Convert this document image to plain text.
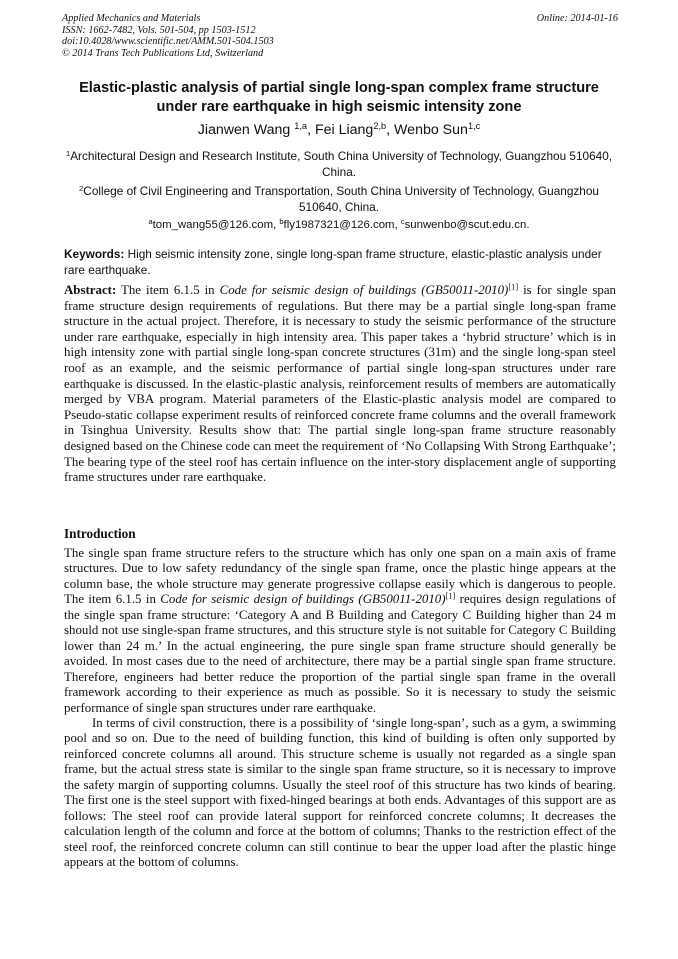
Applied Mechanics and Materials
ISSN: 1662-7482, Vols. 501-504, pp 1503-1512
doi:10.4028/www.scientific.net/AMM.501-504.1503
© 2014 Trans Tech Publications Ltd, Switzerland
Online: 2014-01-16
Elastic-plastic analysis of partial single long-span complex frame structure under rare earthquake in high seismic intensity zone
Jianwen Wang $^{1,a}$, Fei Liang$^{2,b}$, Wenbo Sun$^{1,c}$
$^1$Architectural Design and Research Institute, South China University of Technology, Guangzhou 510640, China.
$^2$College of Civil Engineering and Transportation, South China University of Technology, Guangzhou 510640, China.
$^a$tom_wang55@126.com, $^b$fly1987321@126.com, $^c$sunwenbo@scut.edu.cn.
Keywords: High seismic intensity zone, single long-span frame structure, elastic-plastic analysis under rare earthquake.
Abstract: The item 6.1.5 in Code for seismic design of buildings (GB50011-2010)[1] is for single span frame structure design requirements of regulations. But there may be a partial single long-span frame structure in the actual project. Therefore, it is necessary to study the seismic performance of the structure under rare earthquake, especially in high intensity area. This paper takes a ‘hybrid structure’ which is in high intensity zone with partial single long-span concrete structures (31m) and the single long-span steel roof as an example, and the seismic performance of partial single long-span structures under rare earthquake is discussed. In the elastic-plastic analysis, reinforcement results of members are automatically merged by VBA program. Material parameters of the Elastic-plastic analysis model are compared to Pseudo-static collapse experiment results of reinforced concrete frame columns and the overall framework in Tsinghua University. Results show that: The partial single long-span frame structure reasonably designed based on the Chinese code can meet the requirement of ‘No Collapsing With Strong Earthquake’; The bearing type of the steel roof has certain influence on the inter-story displacement angle of supporting frame structures under rare earthquake.
Introduction

The single span frame structure refers to the structure which has only one span on a main axis of frame structures. Due to low safety redundancy of the single span frame, once the plastic hinge appears at the column base, the whole structure may generate progressive collapse easily which is dangerous to people. The item 6.1.5 in Code for seismic design of buildings (GB50011-2010)[1] requires design regulations of the single span frame structure: ‘Category A and B Building and Category C Building higher than 24 m should not use single-span frame structures, and this structure style is not suitable for Category C Building lower than 24 m.’ In the actual engineering, the pure single span frame structure should generally be avoided. In most cases due to the need of architecture, there may be a partial single span frame structure. Therefore, engineers had better reduce the proportion of the partial single span frame in the overall framework according to their experience as much as possible. So it is necessary to study the seismic performance of single span structures under rare earthquake.

In terms of civil construction, there is a possibility of ‘single long-span’, such as a gym, a swimming pool and so on. Due to the need of building function, this kind of building is often only supported by reinforced concrete columns all around. This structure scheme is usually not regarded as a single span frame, but the actual stress state is similar to the single span frame structure, so it is necessary to improve the safety margin of supporting columns. Usually the steel roof of this structure has two kinds of bearing. The first one is the steel support with fixed-hinged bearings at both ends. Advantages of this support are as follows: The steel roof can provide lateral support for reinforced concrete columns; It decreases the calculation length of the column and force at the bottom of columns; Thanks to the restriction effect of the steel roof, the reinforced concrete column can still continue to bear the upper load after the plastic hinge appears at the bottom of columns.
